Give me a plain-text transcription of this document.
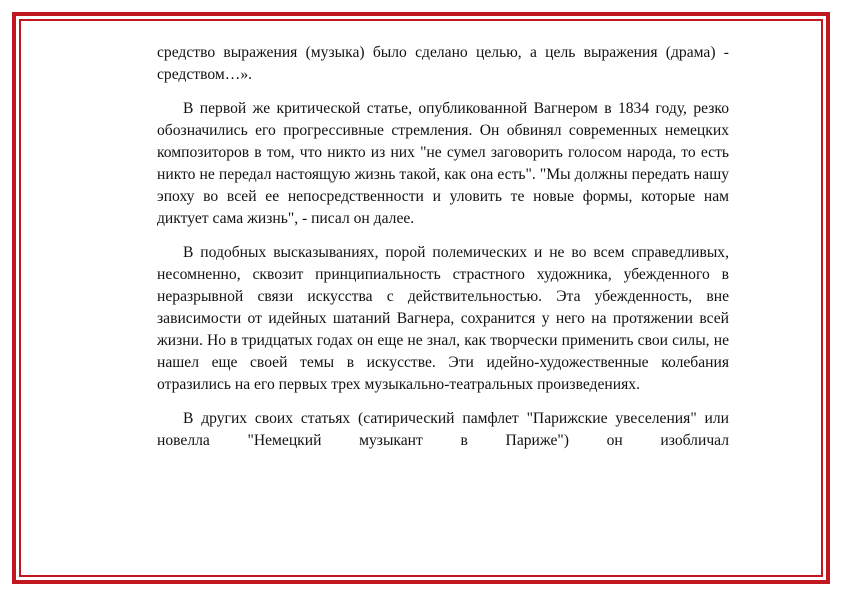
средство выражения (музыка) было сделано целью, а цель выражения (драма) - средством…».

В первой же критической статье, опубликованной Вагнером в 1834 году, резко обозначились его прогрессивные стремления. Он обвинял современных немецких композиторов в том, что никто из них "не сумел заговорить голосом народа, то есть никто не передал настоящую жизнь такой, как она есть". "Мы должны передать нашу эпоху во всей ее непосредственности и уловить те новые формы, которые нам диктует сама жизнь", - писал он далее.

В подобных высказываниях, порой полемических и не во всем справедливых, несомненно, сквозит принципиальность страстного художника, убежденного в неразрывной связи искусства с действительностью. Эта убежденность, вне зависимости от идейных шатаний Вагнера, сохранится у него на протяжении всей жизни. Но в тридцатых годах он еще не знал, как творчески применить свои силы, не нашел еще своей темы в искусстве. Эти идейно-художественные колебания отразились на его первых трех музыкально-театральных произведениях.

В других своих статьях (сатирический памфлет "Парижские увеселения" или новелла "Немецкий музыкант в Париже") он изобличал
